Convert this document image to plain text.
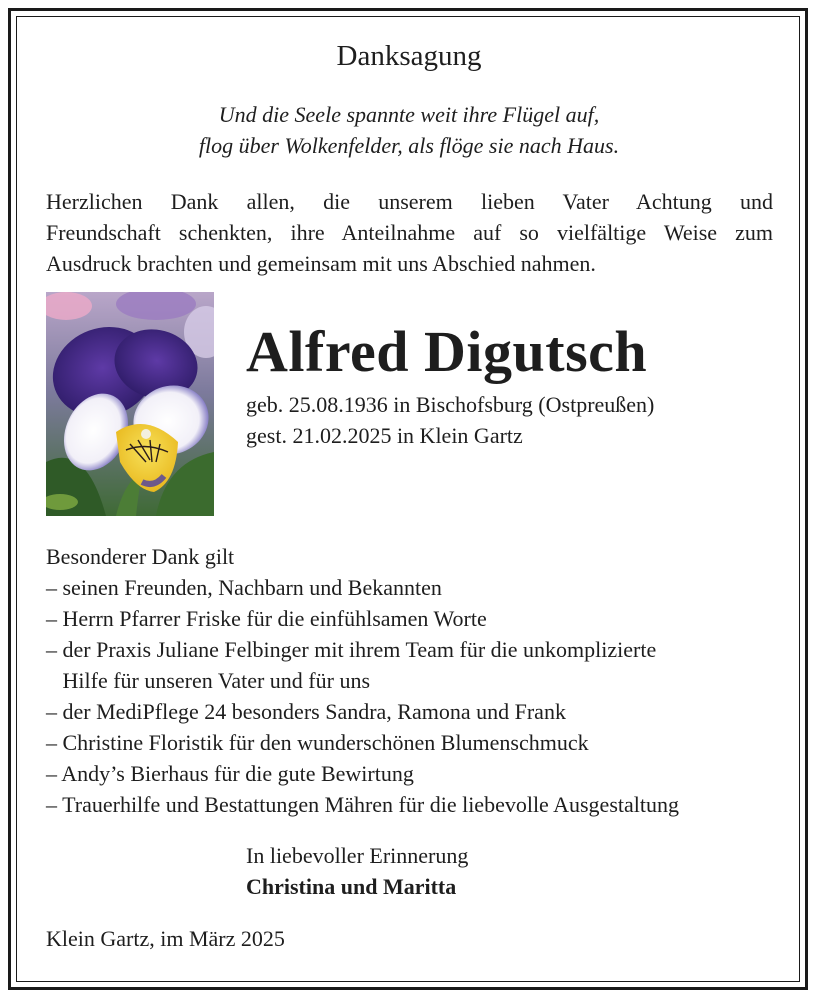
Danksagung
Und die Seele spannte weit ihre Flügel auf,
flog über Wolkenfelder, als flöge sie nach Haus.
Herzlichen Dank allen, die unserem lieben Vater Achtung und
Freundschaft schenkten, ihre Anteilnahme auf so vielfältige Weise zum
Ausdruck brachten und gemeinsam mit uns Abschied nahmen.
Alfred Digutsch
geb. 25.08.1936 in Bischofsburg (Ostpreußen)
gest. 21.02.2025 in Klein Gartz
Besonderer Dank gilt
– seinen Freunden, Nachbarn und Bekannten
– Herrn Pfarrer Friske für die einfühlsamen Worte
– der Praxis Juliane Felbinger mit ihrem Team für die unkomplizierte
Hilfe für unseren Vater und für uns
– der MediPflege 24 besonders Sandra, Ramona und Frank
– Christine Floristik für den wunderschönen Blumenschmuck
– Andy’s Bierhaus für die gute Bewirtung
– Trauerhilfe und Bestattungen Mähren für die liebevolle Ausgestaltung
In liebevoller Erinnerung
Christina und Maritta
Klein Gartz, im März 2025
